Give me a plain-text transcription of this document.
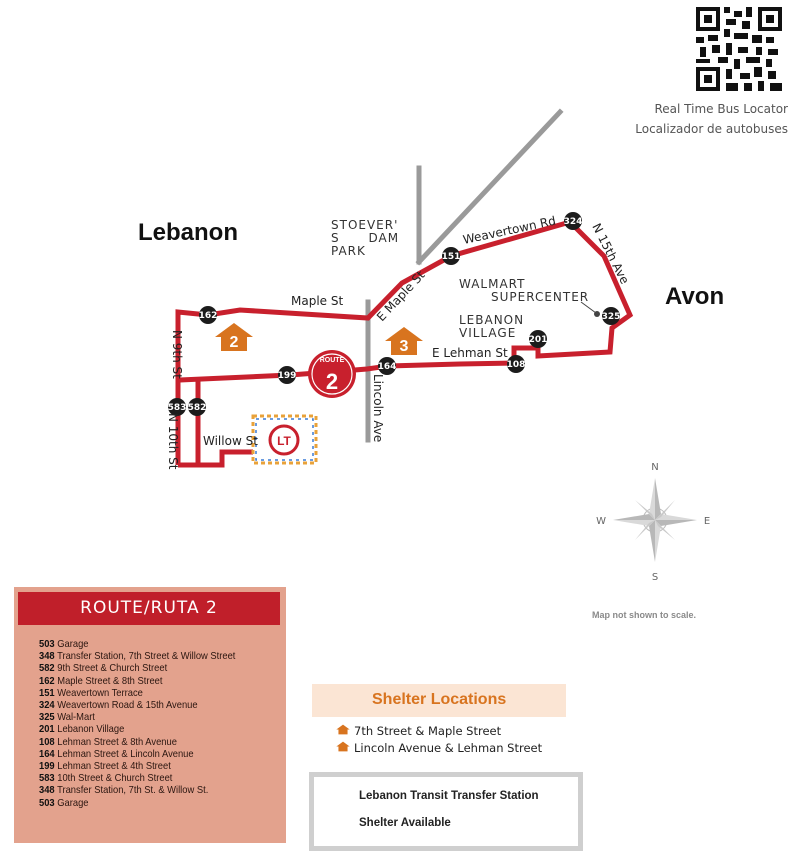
162
151
324
325
201
108
164
199
583 582
2	3
ROUTE
2
LT
Maple St	E Maple St
Weavertown Rd	N 15th Ave
E Lehman St
Lincoln Ave
N 9th St
N 10th St Willow St
N
S
E
W
Real Time Bus Locator
Localizador de autobuses
Lebanon
Avon
STOEVER'
S      DAM
PARK
WALMART
SUPERCENTER
LEBANON
VILLAGE
Map not shown to scale.
ROUTE/RUTA 2
503 Garage
348 Transfer Station, 7th Street & Willow Street
582 9th Street & Church Street
162 Maple Street & 8th Street
151 Weavertown Terrace
324 Weavertown Road & 15th Avenue
325 Wal-Mart
201 Lebanon Village
108 Lehman Street & 8th Avenue
164 Lehman Street & Lincoln Avenue
199 Lehman Street & 4th Street
583 10th Street & Church Street
348 Transfer Station, 7th St. & Willow St.
503 Garage
Shelter Locations
7th Street & Maple Street
Lincoln Avenue & Lehman Street
Lebanon Transit Transfer Station
Shelter Available
